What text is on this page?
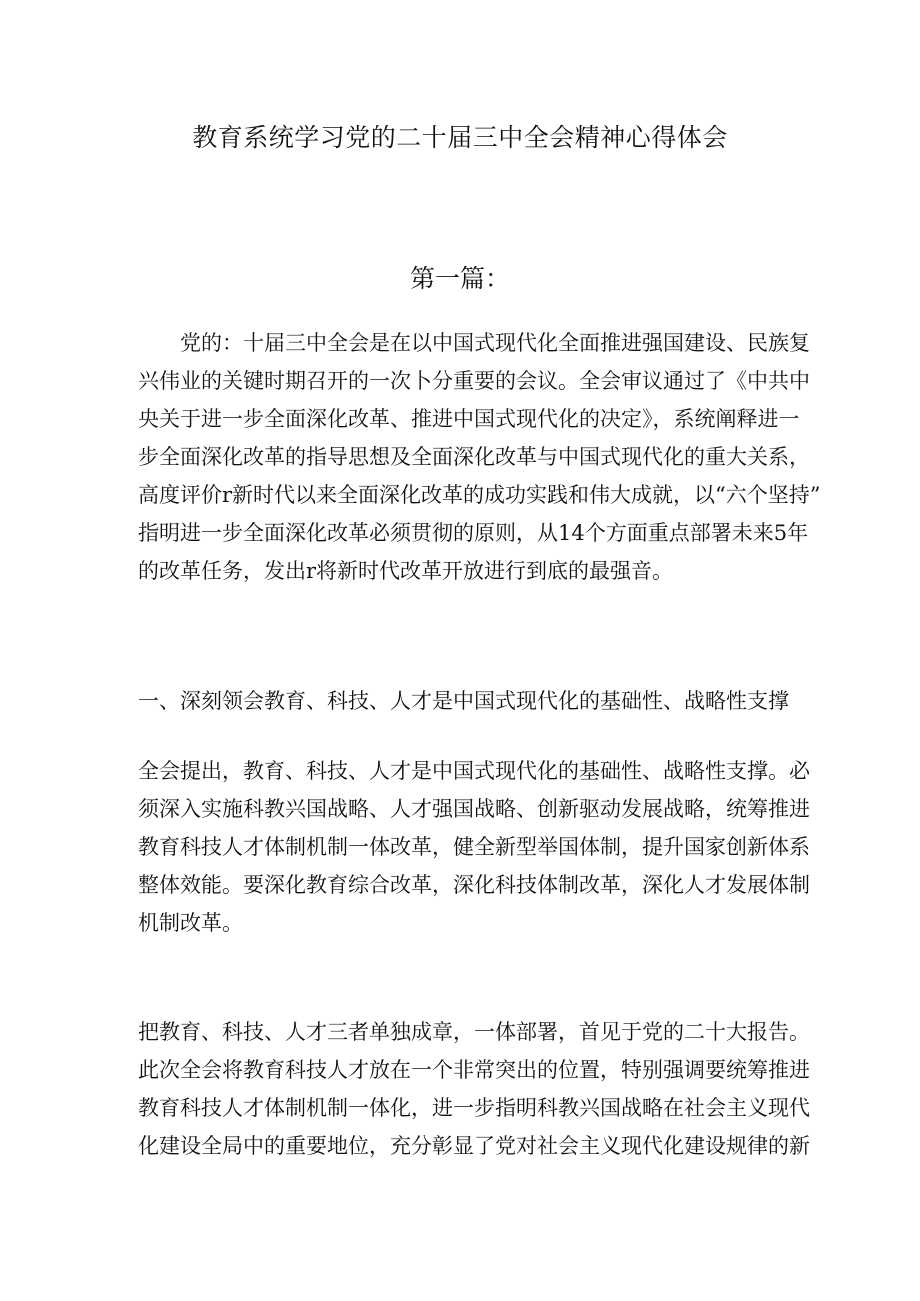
教育系统学习党的二十届三中全会精神心得体会
第一篇：
党的：十届三中全会是在以中国式现代化全面推进强国建设、民族复
兴伟业的关键时期召开的一次卜分重要的会议。全会审议通过了《中共中
央关于进一步全面深化改革、推进中国式现代化的决定》，系统阐释进一
步全面深化改革的指导思想及全面深化改革与中国式现代化的重大关系，
高度评价r新时代以来全面深化改革的成功实践和伟大成就，以“六个坚持”
指明进一步全面深化改革必须贯彻的原则，从14个方面重点部署未来5年
的改革任务，发出r将新时代改革开放进行到底的最强音。
一、深刻领会教育、科技、人才是中国式现代化的基础性、战略性支撑
全会提出，教育、科技、人才是中国式现代化的基础性、战略性支撑。必
须深入实施科教兴国战略、人才强国战略、创新驱动发展战略，统筹推进
教育科技人才体制机制一体改革，健全新型举国体制，提升国家创新体系
整体效能。要深化教育综合改革，深化科技体制改革，深化人才发展体制
机制改革。
把教育、科技、人才三者单独成章，一体部署，首见于党的二十大报告。
此次全会将教育科技人才放在一个非常突出的位置，特别强调要统筹推进
教育科技人才体制机制一体化，进一步指明科教兴国战略在社会主义现代
化建设全局中的重要地位，充分彰显了党对社会主义现代化建设规律的新
